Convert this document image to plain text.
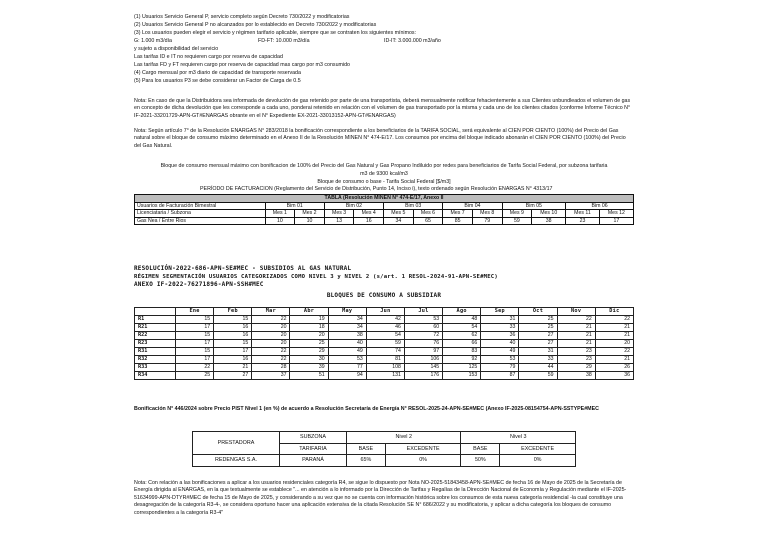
(1) Usuarios Servicio General P, servicio completo según Decreto 730/2022 y modificatorias
(2) Usuarios Servicio General P no alcanzados por lo establecido en Decreto 730/2022 y modificatorias
(3) Los usuarios pueden elegir el servicio y régimen tarifario aplicable, siempre que se contraten los siguientes mínimos:
G: 1.000 m3/día	FD-FT: 10.000 m3/día	ID-IT: 3.000.000 m3/año
y sujeto a disponibilidad del servicio
Las tarifas ID e IT no requieren cargo por reserva de capacidad
Las tarifas FD y FT requieren cargo por reserva de capacidad mas cargo por m3 consumido
(4) Cargo mensual por m3 diario de capacidad de transporte reservada
(5) Para los usuarios P3 se debe considerar un Factor de Carga de 0.5
Nota: En caso de que la Distribuidora sea informada de devolución de gas retenido por parte de una transportista, deberá mensualmente notificar fehacientemente a sus Clientes unbundleados el volumen de gas en concepto de dicha devolución que les corresponde a cada uno, ponderai retenido en relación con el volumen de gas transportado por la misma y cada uno de los clientes citados (conforme Informe Técnico N° IF-2021-33201729-APN-GT#ENARGAS obrante en el N° Expediente EX-2021-33013152-APN-GT#ENARGAS)
Nota: Según artículo 7° de la Resolución ENARGAS N° 283/2018 la bonificación correspondiente a los beneficiarios de la TARIFA SOCIAL, será equivalente al CIEN POR CIENTO (100%) del Precio del Gas natural sobre el bloque de consumo máximo determinado en el Anexo II de la Resolución MINEN N° 474-E/17. Los consumos por encima del bloque indicado abonarán el CIEN POR CIENTO (100%) del Precio del Gas Natural.
Bloque de consumo mensual máximo con bonificacion de 100% del Precio del Gas Natural y Gas Propano Indiluido por redes para beneficiarios de Tarifa Social Federal, por subzona tarifaria
m3 de 9300 kcal/m3
Bloque de consumo o base - Tarifa Social Federal [$/m3]
PERÍODO DE FACTURACION (Reglamento del Servicio de Distribución, Punto 14, Inciso i), texto ordenado según Resolución ENARGAS N° 4313/17
TABLA (Resolución MINEN N° 474-E/17, Anexo II												
Usuarios de Facturación Bimestral	Bim 01		Bim 02		Bim 03		Bim 04		Bim 05		Bim 06	
Licenciataria / Subzona	Mes 1	Mes 2	Mes 3	Mes 4	Mes 5	Mes 6	Mes 7	Mes 8	Mes 9	Mes 10	Mes 11	Mes 12
Gas Nea / Entre Rios	10	10	13	16	34	65	85	79	59	38	23	17
RESOLUCIÓN-2022-686-APN-SE#MEC - SUBSIDIOS AL GAS NATURAL
RÉGIMEN SEGMENTACIÓN USUARIOS CATEGORIZADOS COMO NIVEL 3 y NIVEL 2 (s/art. 1 RESOL-2024-91-APN-SE#MEC)
ANEXO IF-2022-76271896-APN-SSH#MEC
BLOQUES DE CONSUMO A SUBSIDIAR
	Ene	Feb	Mar	Abr	May	Jun	Jul	Ago	Sep	Oct	Nov	Dic
R1	15	15	22	19	34	42	53	48	31	25	22	22
R21	17	16	20	18	34	46	60	54	33	25	21	21
R22	15	16	20	20	38	54	72	62	36	27	21	21
R23	17	15	20	25	40	59	76	66	40	27	21	20
R31	15	17	22	29	49	74	97	83	49	31	23	22
R32	17	16	22	30	53	81	106	92	53	33	23	21
R33	22	21	28	39	77	108	145	125	79	44	29	26
R34	25	27	37	51	94	131	176	153	87	59	38	36
Bonificación N° 446/2024 sobre Precio PIST Nivel 1 (en %) de acuerdo a Resolución Secretaría de Energía N° RESOL-2025-24-APN-SE#MEC (Anexo IF-2025-08154754-APN-SSTYPE#MEC
PRESTADORA	SUBZONA	Nivel 2		Nivel 3	
	TARIFARIA	BASE	EXCEDENTE	BASE	EXCEDENTE
REDENGAS S.A.	PARANÁ	65%	0%	50%	0%
Nota: Con relación a las bonificaciones a aplicar a los usuarios residenciales categoría R4, se sigue lo dispuesto por Nota NO-2025-51843458-APN-SE#MEC de fecha 16 de Mayo de 2025 de la Secretaría de Energía dirigida al ENARGAS, en la que textualmente se establece "... en atención a lo informado por la Dirección de Tarifas y Regalías de la Dirección Nacional de Economía y Regulación mediante el IF-2025-51634999-APN-DTYR#MEC de fecha 15 de Mayo de 2025, y considerando a su vez que no se cuenta con información histórica sobre los consumos de esta nueva categoría residencial -la cual constituye una desagregación de la categoría R3-4-, se considera oportuno hacer una aplicación extensiva de la citada Resolución SE N° 686/2022 y su modificatoria, y aplicar a dicha categoría los bloques de consumo correspondientes a la categoría R3-4"
